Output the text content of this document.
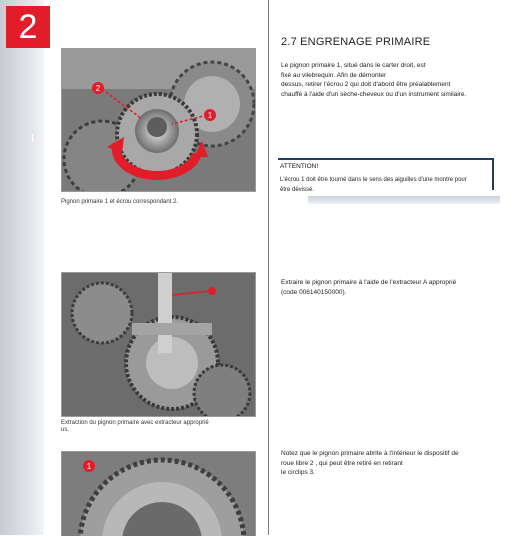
2
2
1
Pignon primaire 1 et écrou correspondant 2.
Extraction du pignon primaire avec extracteur approprié
us.
1
2.7 ENGRENAGE PRIMAIRE

Le pignon primaire 1, situé dans le carter droit, est
fixé au vilebrequin. Afin de démonter
dessus, retirer l'écrou 2 qui doit d'abord être préalablement
chauffé à l'aide d'un sèche-cheveux ou d'un instrument similaire.

ATTENTION!
L'écrou 1 doit être tourné dans le sens des aiguilles d'une montre pour
être dévissé.

Extraire le pignon primaire à l'aide de l'extracteur A approprié
(code 006140150000).

Notez que le pignon primaire abrite à l'intérieur le dispositif de
roue libre 2 , qui peut être retiré en retirant
le circlips 3.
